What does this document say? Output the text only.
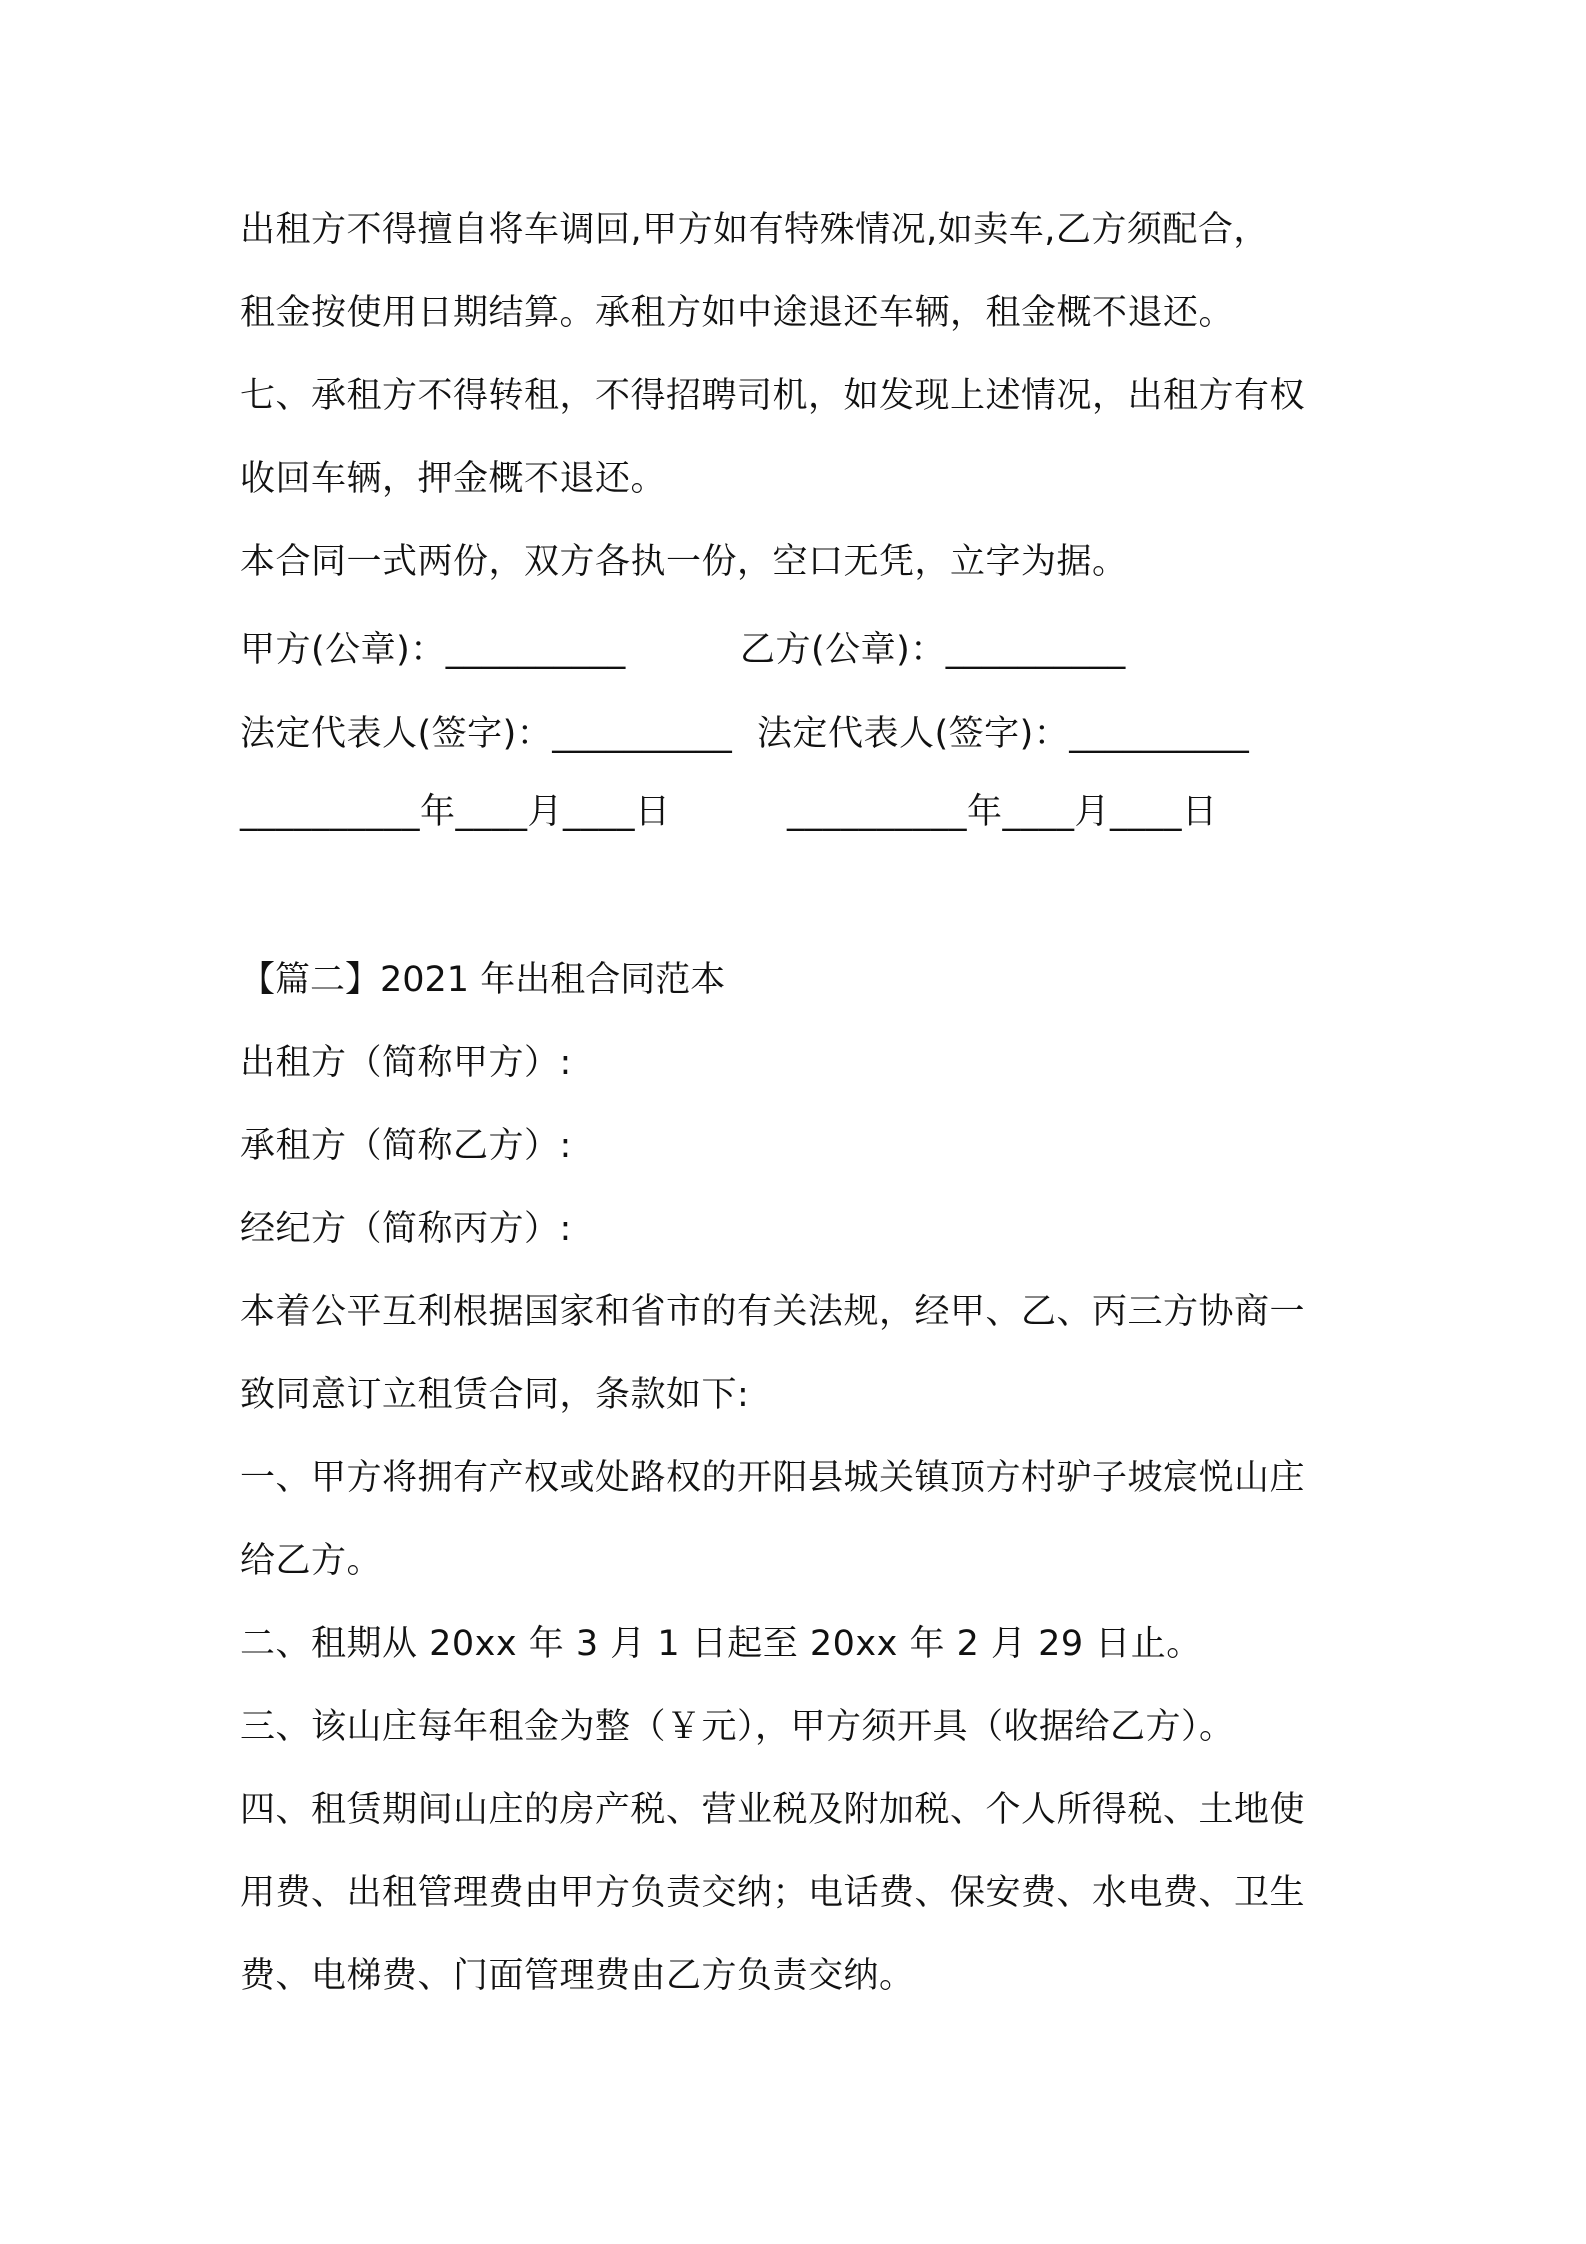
出租方不得擅自将车调回,甲方如有特殊情况,如卖车,乙方须配合，
租金按使用日期结算。承租方如中途退还车辆，租金概不退还。
七、承租方不得转租，不得招聘司机，如发现上述情况，出租方有权
收回车辆，押金概不退还。
本合同一式两份，双方各执一份，空口无凭，立字为据。
甲方(公章)：__________	乙方(公章)：__________
法定代表人(签字)：__________ 法定代表人(签字)：__________
__________年____月____日	__________年____月____日
【篇二】2021 年出租合同范本
出租方（简称甲方）:
承租方（简称乙方）:
经纪方（简称丙方）:
本着公平互利根据国家和省市的有关法规，经甲、乙、丙三方协商一
致同意订立租赁合同，条款如下:
一、甲方将拥有产权或处路权的开阳县城关镇顶方村驴子坡宸悦山庄
给乙方。
二、租期从 20xx 年 3 月 1 日起至 20xx 年 2 月 29 日止。
三、该山庄每年租金为整（￥元），甲方须开具（收据给乙方）。
四、租赁期间山庄的房产税、营业税及附加税、个人所得税、土地使
用费、出租管理费由甲方负责交纳；电话费、保安费、水电费、卫生
费、电梯费、门面管理费由乙方负责交纳。
